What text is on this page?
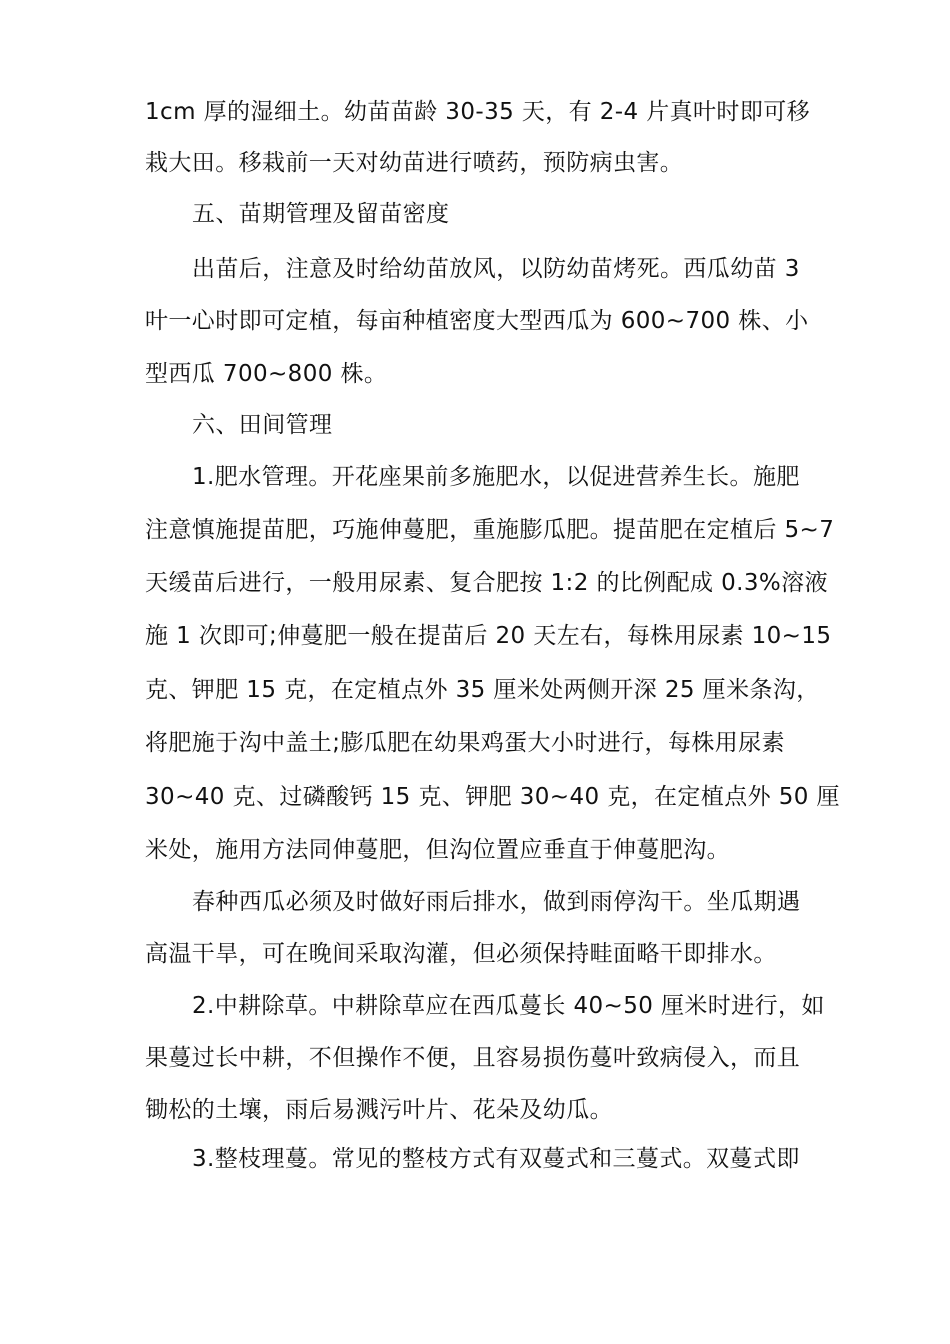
1cm 厚的湿细土。幼苗苗龄 30-35 天，有 2-4 片真叶时即可移
栽大田。移栽前一天对幼苗进行喷药，预防病虫害。
五、苗期管理及留苗密度
出苗后，注意及时给幼苗放风，以防幼苗烤死。西瓜幼苗 3
叶一心时即可定植，每亩种植密度大型西瓜为 600~700 株、小
型西瓜 700~800 株。
六、田间管理
1.肥水管理。开花座果前多施肥水，以促进营养生长。施肥
注意慎施提苗肥，巧施伸蔓肥，重施膨瓜肥。提苗肥在定植后 5~7
天缓苗后进行，一般用尿素、复合肥按 1:2 的比例配成 0.3%溶液
施 1 次即可;伸蔓肥一般在提苗后 20 天左右，每株用尿素 10~15
克、钾肥 15 克，在定植点外 35 厘米处两侧开深 25 厘米条沟，
将肥施于沟中盖土;膨瓜肥在幼果鸡蛋大小时进行，每株用尿素
30~40 克、过磷酸钙 15 克、钾肥 30~40 克，在定植点外 50 厘
米处，施用方法同伸蔓肥，但沟位置应垂直于伸蔓肥沟。
春种西瓜必须及时做好雨后排水，做到雨停沟干。坐瓜期遇
高温干旱，可在晚间采取沟灌，但必须保持畦面略干即排水。
2.中耕除草。中耕除草应在西瓜蔓长 40~50 厘米时进行，如
果蔓过长中耕，不但操作不便，且容易损伤蔓叶致病侵入，而且
锄松的土壤，雨后易溅污叶片、花朵及幼瓜。
3.整枝理蔓。常见的整枝方式有双蔓式和三蔓式。双蔓式即
